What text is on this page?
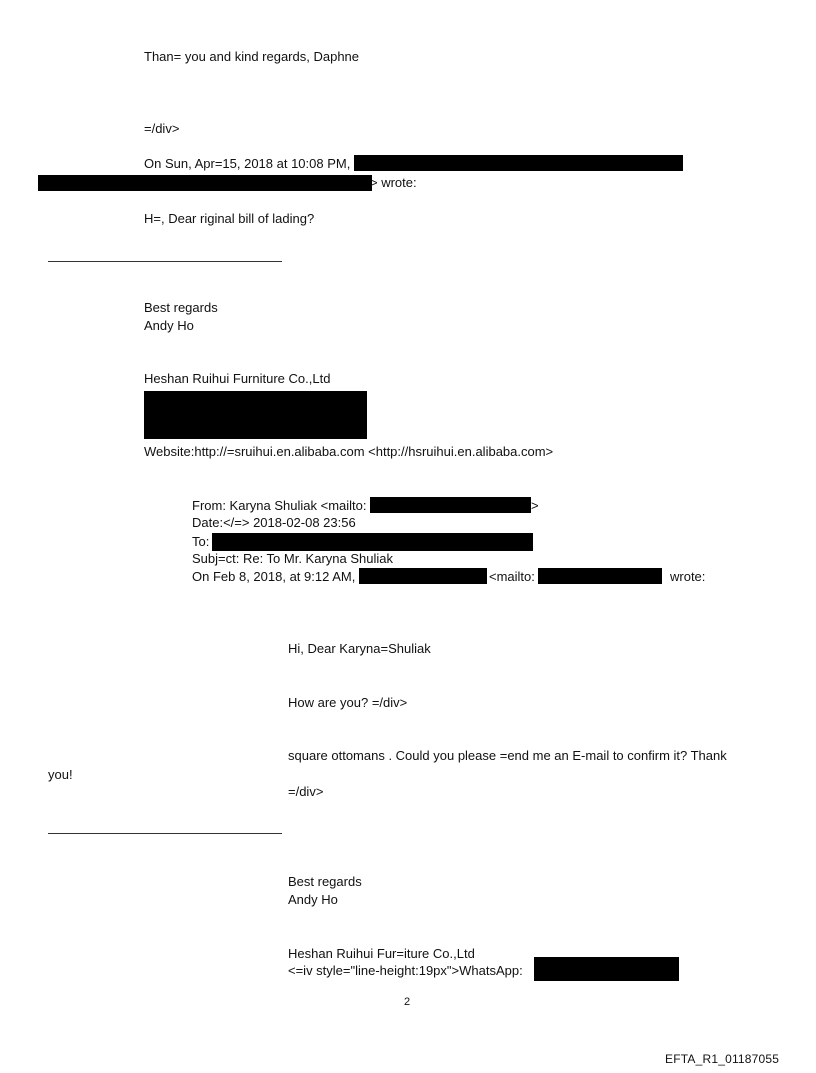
Than= you and kind regards, Daphne
=/div>
On Sun, Apr=15, 2018 at 10:08 PM,
> wrote:
H=, Dear riginal bill of lading?
Best regards
Andy Ho
Heshan Ruihui Furniture Co.,Ltd
Website:http://=sruihui.en.alibaba.com <http://hsruihui.en.alibaba.com>
From: Karyna Shuliak <mailto:	>
Date:</=> 2018-02-08 23:56
To:
Subj=ct: Re: To Mr. Karyna Shuliak
On Feb 8, 2018, at 9:12 AM,	<mailto:	wrote:
Hi, Dear Karyna=Shuliak
How are you? =/div>
square ottomans . Could you please =end me an E-mail to confirm it? Thank
you!
=/div>
Best regards
Andy Ho
Heshan Ruihui Fur=iture Co.,Ltd
<=iv style="line-height:19px">WhatsApp:
2
EFTA_R1_01187055
